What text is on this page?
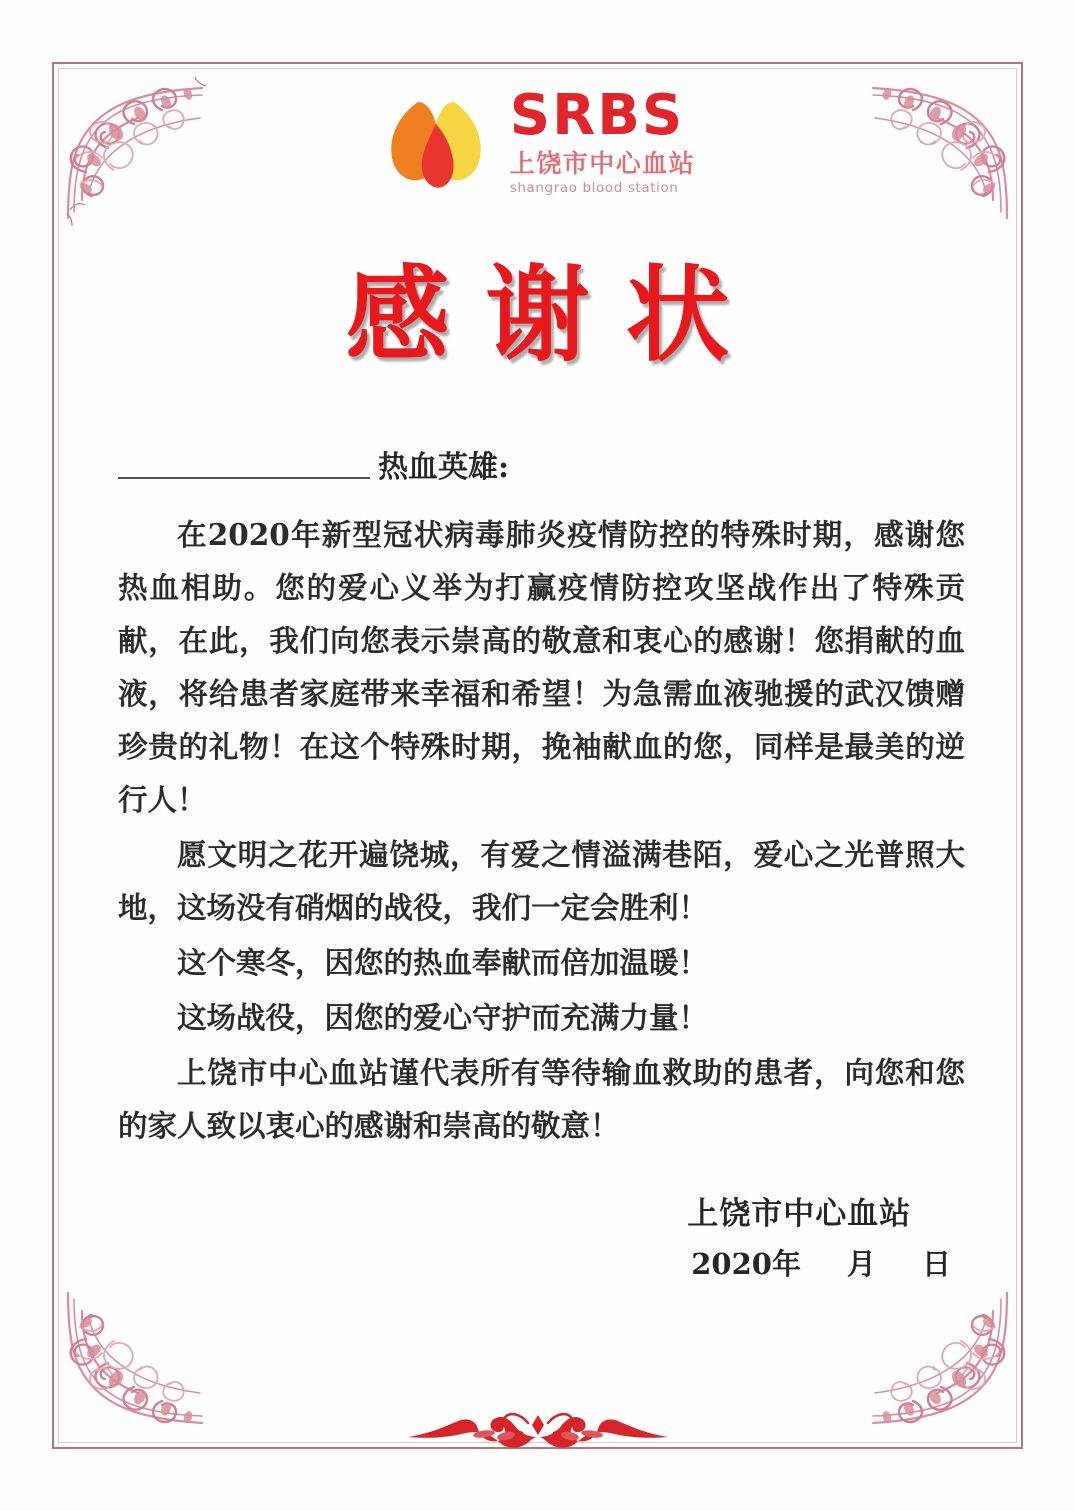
SRBS
上饶市中心血站
shangrao blood station
感谢状
热血英雄:

在2020年新型冠状病毒肺炎疫情防控的特殊时期，感谢您热血相助。您的爱心义举为打赢疫情防控攻坚战作出了特殊贡献，在此，我们向您表示崇高的敬意和衷心的感谢！您捐献的血液，将给患者家庭带来幸福和希望！为急需血液驰援的武汉馈赠珍贵的礼物！在这个特殊时期，挽袖献血的您，同样是最美的逆行人！

愿文明之花开遍饶城，有爱之情溢满巷陌，爱心之光普照大地，这场没有硝烟的战役，我们一定会胜利！

这个寒冬，因您的热血奉献而倍加温暖！

这场战役，因您的爱心守护而充满力量！

上饶市中心血站谨代表所有等待输血救助的患者，向您和您的家人致以衷心的感谢和崇高的敬意！

上饶市中心血站
2020年 月 日
